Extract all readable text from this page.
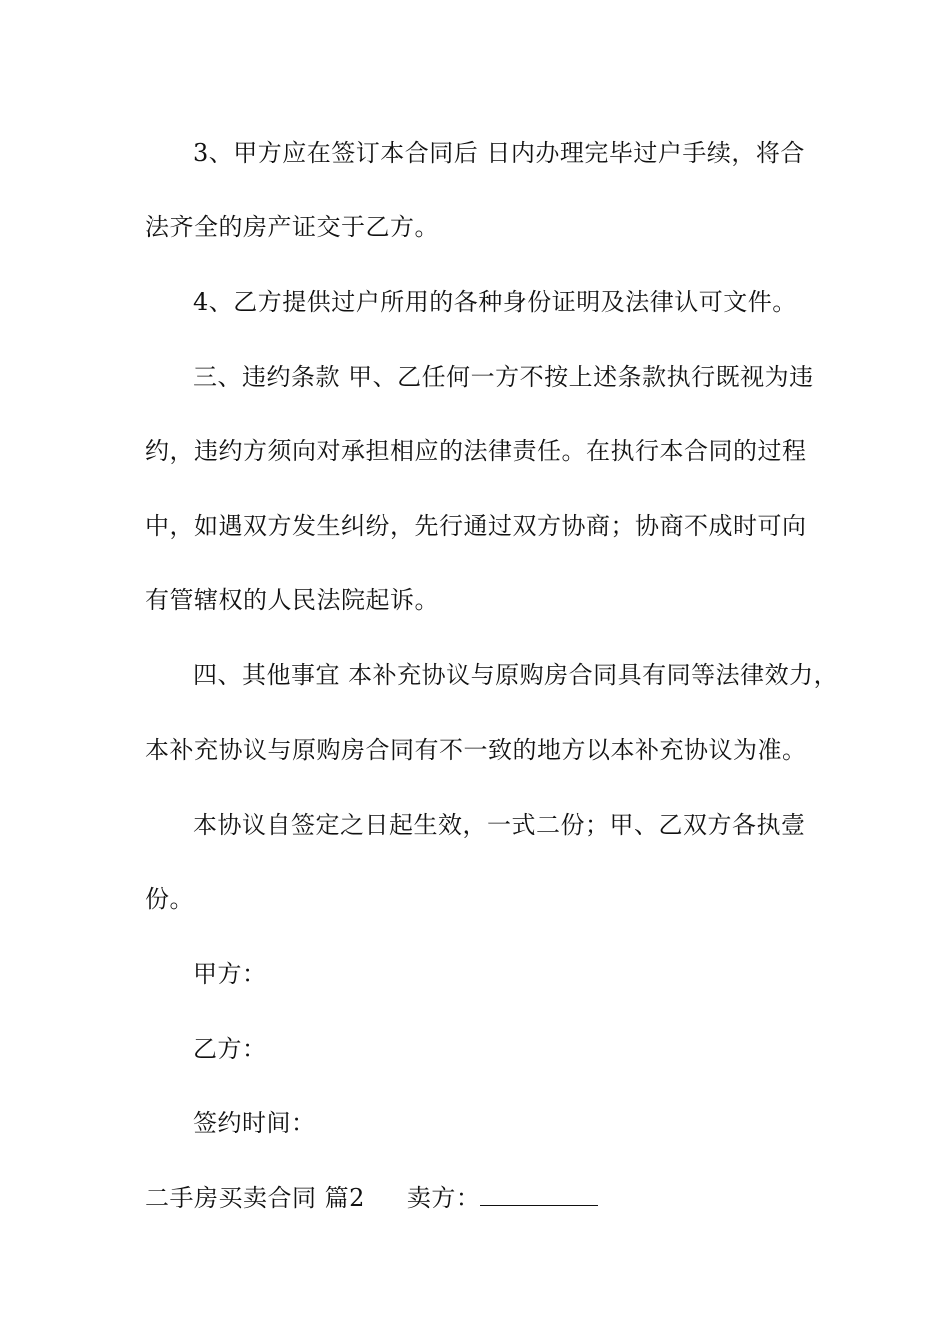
3、甲方应在签订本合同后 日内办理完毕过户手续，将合
法齐全的房产证交于乙方。
4、乙方提供过户所用的各种身份证明及法律认可文件。
三、违约条款 甲、乙任何一方不按上述条款执行既视为违
约，违约方须向对承担相应的法律责任。在执行本合同的过程
中，如遇双方发生纠纷，先行通过双方协商；协商不成时可向
有管辖权的人民法院起诉。
四、其他事宜 本补充协议与原购房合同具有同等法律效力，
本补充协议与原购房合同有不一致的地方以本补充协议为准。
本协议自签定之日起生效，一式二份；甲、乙双方各执壹
份。
甲方：
乙方：
签约时间：
二手房买卖合同 篇2 卖方：
